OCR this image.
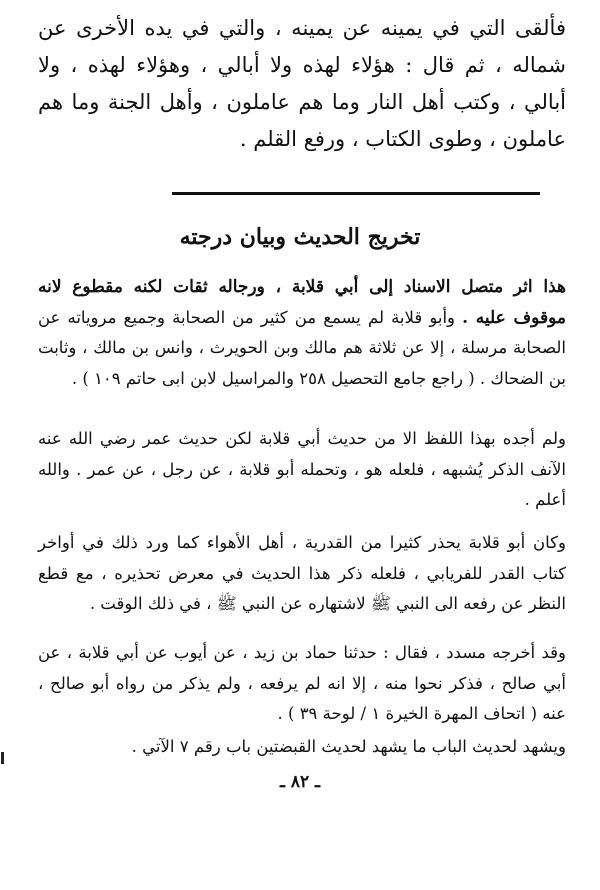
فألقى التي في يمينه عن يمينه ، والتي في يده الأخرى عن شماله ، ثم قال : هؤلاء لهذه ولا أبالي ، وهؤلاء لهذه ، ولا أبالي ، وكتب أهل النار وما هم عاملون ، وأهل الجنة وما هم عاملون ، وطوى الكتاب ، ورفع القلم .

تخريج الحديث وبيان درجته

هذا اثر متصل الاسناد إلى أبي قلابة ، ورجاله ثقات لكنه مقطوع لانه موقوف عليه . وأبو قلابة لم يسمع من كثير من الصحابة وجميع مروياته عن الصحابة مرسلة ، إلا عن ثلاثة هم مالك وبن الحويرث ، وانس بن مالك ، وثابت بن الضحاك . ( راجع جامع التحصيل ٢٥٨ والمراسيل لابن ابى حاتم ١٠٩ ) .

ولم أجده بهذا اللفظ الا من حديث أبي قلابة لكن حديث عمر رضي الله عنه الآنف الذكر يُشبهه ، فلعله هو ، وتحمله أبو قلابة ، عن رجل ، عن عمر . والله أعلم .

وكان أبو قلابة يحذر كثيرا من القدرية ، أهل الأهواء كما ورد ذلك في أواخر كتاب القدر للفريابي ، فلعله ذكر هذا الحديث في معرض تحذيره ، مع قطع النظر عن رفعه الى النبي ﷺ لاشتهاره عن النبي ﷺ ، في ذلك الوقت .

وقد أخرجه مسدد ، فقال : حدثنا حماد بن زيد ، عن أيوب عن أبي قلابة ، عن أبي صالح ، فذكر نحوا منه ، إلا انه لم يرفعه ، ولم يذكر من رواه أبو صالح ، عنه ( اتحاف المهرة الخيرة ١ / لوحة ٣٩ ) .

ويشهد لحديث الباب ما يشهد لحديث القبضتين باب رقم ٧ الآتي .

ـ ٨٢ ـ
